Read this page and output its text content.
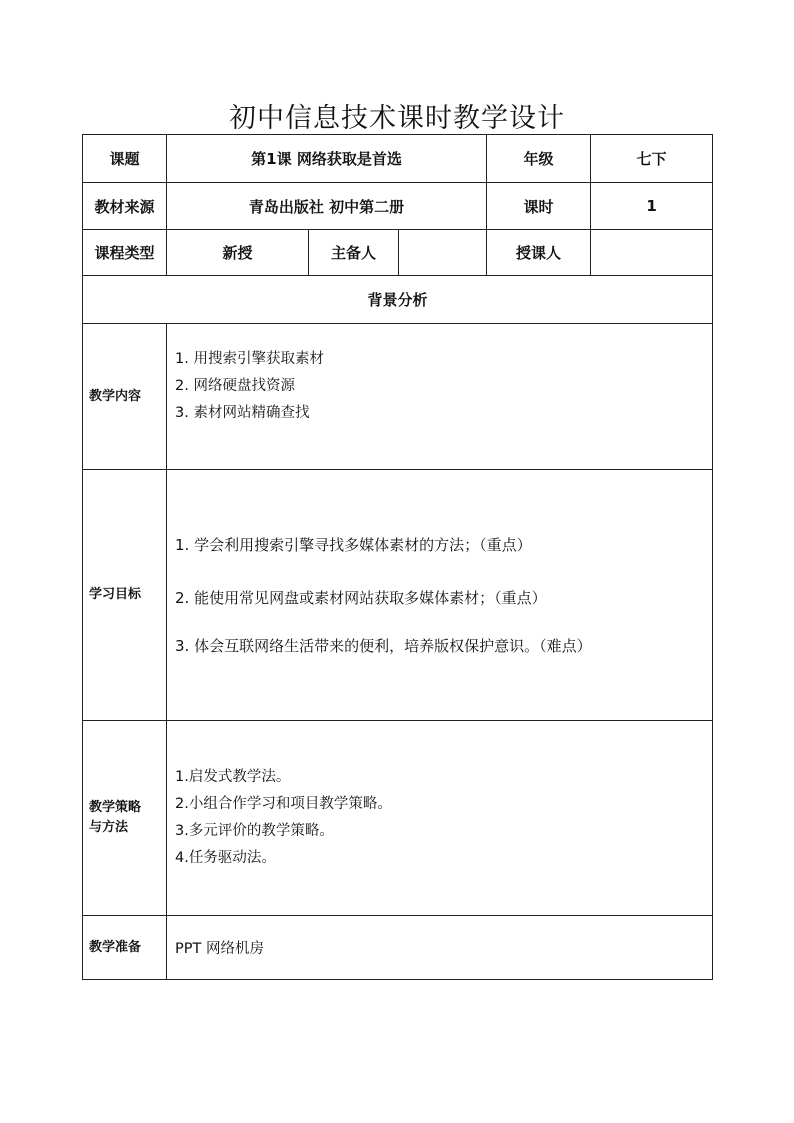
初中信息技术课时教学设计
课题	第1课 网络获取是首选			年级	七下
教材来源	青岛出版社 初中第二册			课时	1
课程类型	新授	主备人		授课人	
背景分析					
教学内容	1. 用搜索引擎获取素材
2. 网络硬盘找资源
3. 素材网站精确查找				

学习目标	1. 学会利用搜索引擎寻找多媒体素材的方法；（重点）
2. 能使用常见网盘或素材网站获取多媒体素材；（重点）
3. 体会互联网络生活带来的便利，培养版权保护意识。（难点）				

教学策略
与方法	1.启发式教学法。
2.小组合作学习和项目教学策略。
3.多元评价的教学策略。
4.任务驱动法。				

教学准备	PPT 网络机房				
